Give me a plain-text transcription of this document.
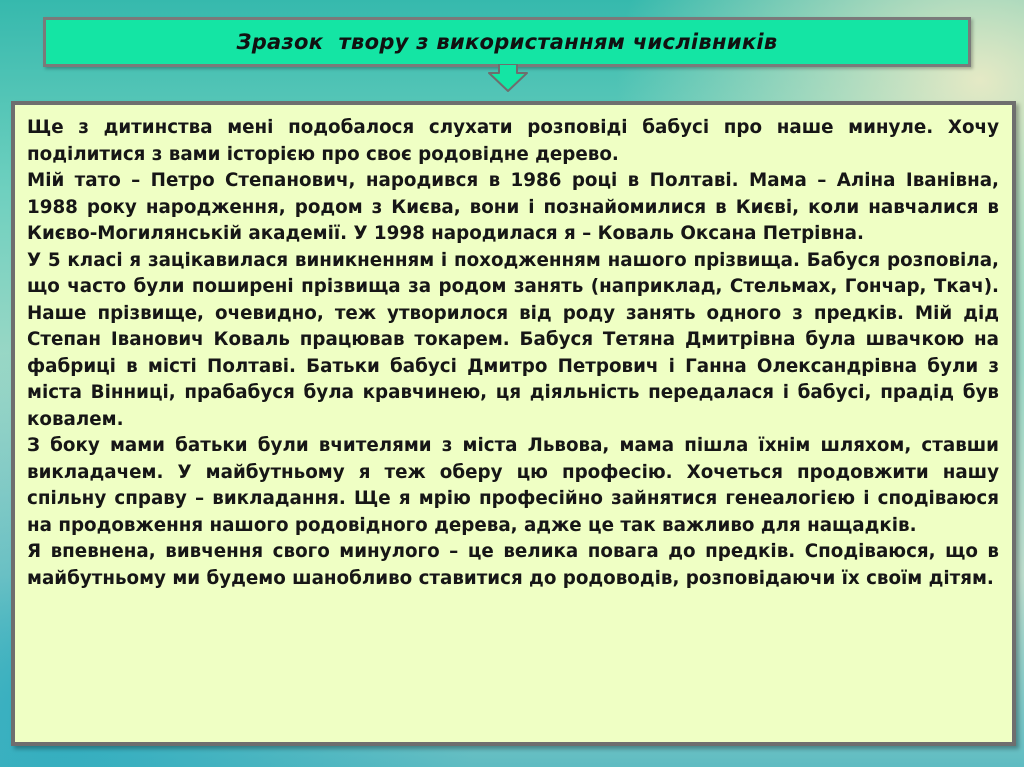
Зразок  твору з використанням числівників

Ще з дитинства мені подобалося слухати розповіді бабусі про наше минуле. Хочу поділитися з вами історією про своє родовідне дерево.
Мій тато – Петро Степанович, народився в 1986 році в Полтаві. Мама – Аліна Іванівна, 1988 року народження, родом з Києва, вони і познайомилися в Києві, коли навчалися в Києво-Могилянській академії. У 1998 народилася я – Коваль Оксана Петрівна.
У 5 класі я зацікавилася виникненням і походженням нашого прізвища. Бабуся розповіла, що часто були поширені прізвища за родом занять (наприклад, Стельмах, Гончар, Ткач). Наше прізвище, очевидно, теж утворилося від роду занять одного з предків. Мій дід Степан Іванович Коваль працював токарем. Бабуся Тетяна Дмитрівна була швачкою на фабриці в місті Полтаві. Батьки бабусі Дмитро Петрович і Ганна Олександрівна були з міста Вінниці, прабабуся була кравчинею, ця діяльність передалася і бабусі, прадід був ковалем.
З боку мами батьки були вчителями з міста Львова, мама пішла їхнім шляхом, ставши викладачем. У майбутньому я теж оберу цю професію. Хочеться продовжити нашу спільну справу – викладання. Ще я мрію професійно зайнятися генеалогією і сподіваюся на продовження нашого родовідного дерева, адже це так важливо для нащадків.
Я впевнена, вивчення свого минулого – це велика повага до предків. Сподіваюся, що в майбутньому ми будемо шанобливо ставитися до родоводів, розповідаючи їх своїм дітям.
